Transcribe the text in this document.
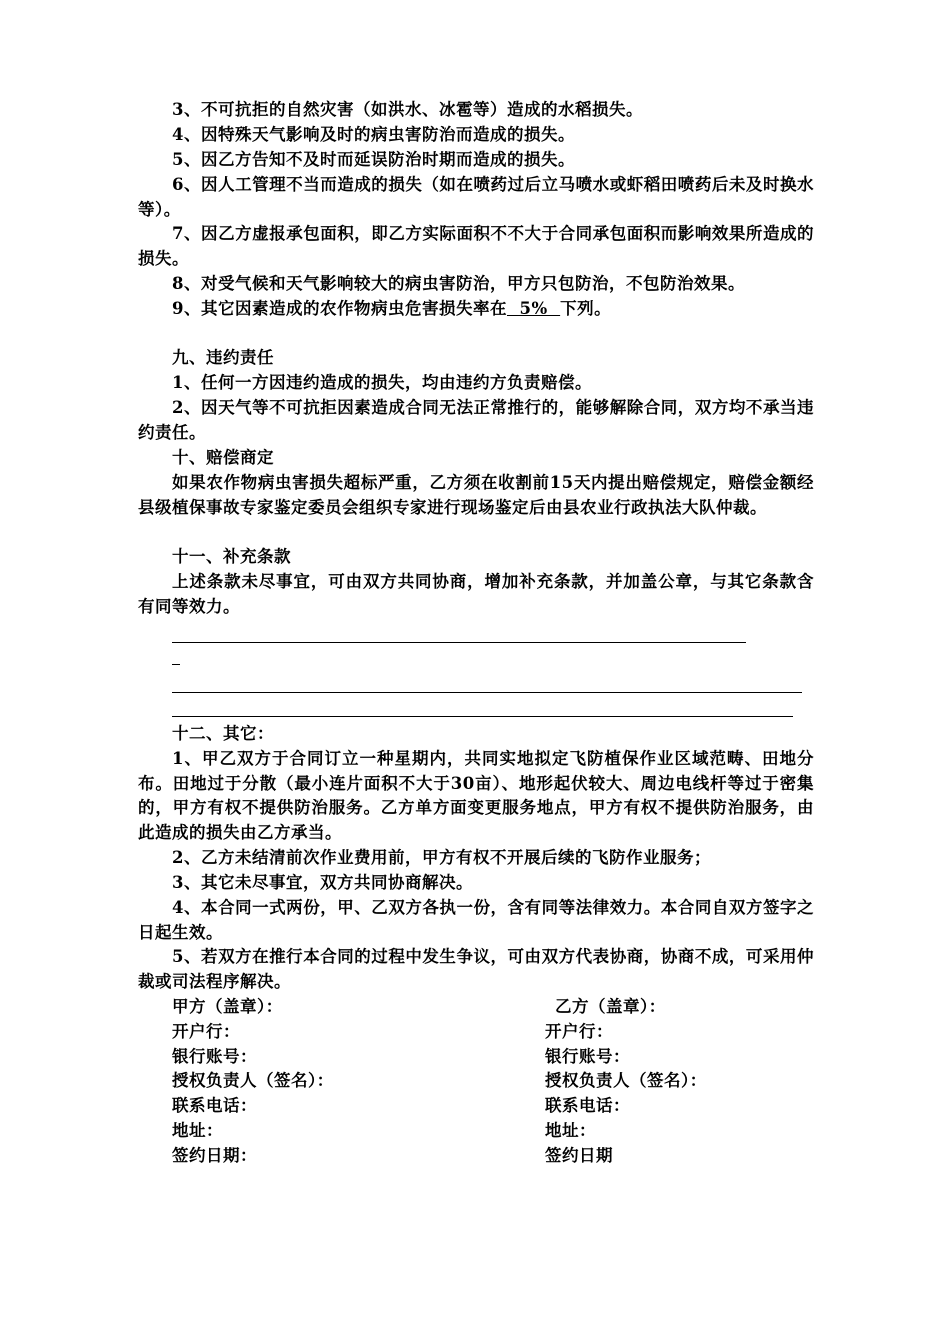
3、不可抗拒的自然灾害（如洪水、冰雹等）造成的水稻损失。

4、因特殊天气影响及时的病虫害防治而造成的损失。

5、因乙方告知不及时而延误防治时期而造成的损失。

6、因人工管理不当而造成的损失（如在喷药过后立马喷水或虾稻田喷药后未及时换水等）。

7、因乙方虚报承包面积，即乙方实际面积不不大于合同承包面积而影响效果所造成的损失。

8、对受气候和天气影响较大的病虫害防治，甲方只包防治，不包防治效果。

9、其它因素造成的农作物病虫危害损失率在  5%  下列。

九、违约责任

1、任何一方因违约造成的损失，均由违约方负责赔偿。

2、因天气等不可抗拒因素造成合同无法正常推行的，能够解除合同，双方均不承当违约责任。

十、赔偿商定

如果农作物病虫害损失超标严重，乙方须在收割前15天内提出赔偿规定，赔偿金额经县级植保事故专家鉴定委员会组织专家进行现场鉴定后由县农业行政执法大队仲裁。

十一、补充条款

上述条款未尽事宜，可由双方共同协商，增加补充条款，并加盖公章，与其它条款含有同等效力。

十二、其它：

1、甲乙双方于合同订立一种星期内，共同实地拟定飞防植保作业区域范畴、田地分布。田地过于分散（最小连片面积不大于30亩）、地形起伏较大、周边电线杆等过于密集的，甲方有权不提供防治服务。乙方单方面变更服务地点，甲方有权不提供防治服务，由此造成的损失由乙方承当。

2、乙方未结清前次作业费用前，甲方有权不开展后续的飞防作业服务；

3、其它未尽事宜，双方共同协商解决。

4、本合同一式两份，甲、乙双方各执一份，含有同等法律效力。本合同自双方签字之日起生效。

5、若双方在推行本合同的过程中发生争议，可由双方代表协商，协商不成，可采用仲裁或司法程序解决。

甲方（盖章）：
开户行：
银行账号：
授权负责人（签名）：
联系电话：
地址：
签约日期：
乙方（盖章）：
开户行：
银行账号：
授权负责人（签名）：
联系电话：
地址：
签约日期
